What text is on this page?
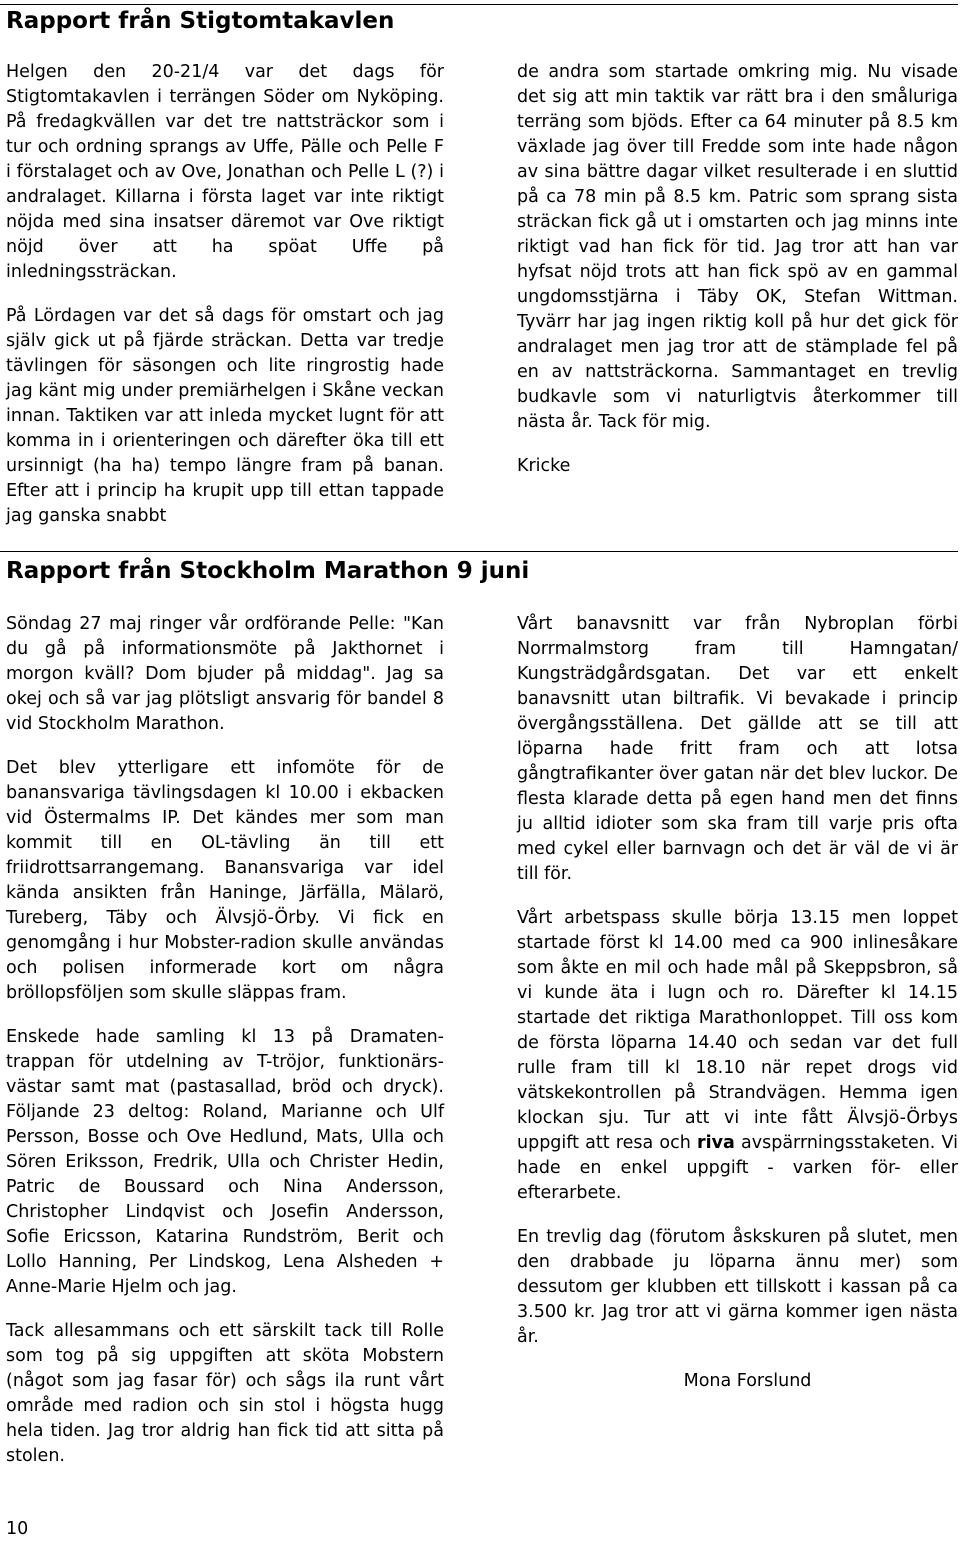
Rapport från Stigtomtakavlen

Helgen den 20-21/4 var det dags för Stigtomtakavlen i terrängen Söder om Nyköping. På fredagkvällen var det tre nattsträckor som i tur och ordning sprangs av Uffe, Pälle och Pelle F i förstalaget och av Ove, Jonathan och Pelle L (?) i andralaget. Killarna i första laget var inte riktigt nöjda med sina insatser däremot var Ove riktigt nöjd över att ha spöat Uffe på inledningssträckan.

På Lördagen var det så dags för omstart och jag själv gick ut på fjärde sträckan. Detta var tredje tävlingen för säsongen och lite ringrostig hade jag känt mig under premiärhelgen i Skåne veckan innan. Taktiken var att inleda mycket lugnt för att komma in i orienteringen och därefter öka till ett ursinnigt (ha ha) tempo längre fram på banan. Efter att i princip ha krupit upp till ettan tappade jag ganska snabbt

de andra som startade omkring mig. Nu visade det sig att min taktik var rätt bra i den småluriga terräng som bjöds. Efter ca 64 minuter på 8.5 km växlade jag över till Fredde som inte hade någon av sina bättre dagar vilket resulterade i en sluttid på ca 78 min på 8.5 km. Patric som sprang sista sträckan fick gå ut i omstarten och jag minns inte riktigt vad han fick för tid. Jag tror att han var hyfsat nöjd trots att han fick spö av en gammal ungdomsstjärna i Täby OK, Stefan Wittman. Tyvärr har jag ingen riktig koll på hur det gick för andralaget men jag tror att de stämplade fel på en av nattsträckorna. Sammantaget en trevlig budkavle som vi naturligtvis återkommer till nästa år. Tack för mig.

Kricke

Rapport från Stockholm Marathon 9 juni

Söndag 27 maj ringer vår ordförande Pelle: "Kan du gå på informationsmöte på Jakthornet i morgon kväll? Dom bjuder på middag". Jag sa okej och så var jag plötsligt ansvarig för bandel 8 vid Stockholm Marathon.

Det blev ytterligare ett infomöte för de banansvariga tävlingsdagen kl 10.00 i ekbacken vid Östermalms IP. Det kändes mer som man kommit till en OL-tävling än till ett friidrottsarrangemang. Banansvariga var idel kända ansikten från Haninge, Järfälla, Mälarö, Tureberg, Täby och Älvsjö-Örby. Vi fick en genomgång i hur Mobster-radion skulle användas och polisen informerade kort om några bröllopsföljen som skulle släppas fram.

Enskede hade samling kl 13 på Dramaten-trappan för utdelning av T-tröjor, funktionärs-västar samt mat (pastasallad, bröd och dryck). Följande 23 deltog: Roland, Marianne och Ulf Persson, Bosse och Ove Hedlund, Mats, Ulla och Sören Eriksson, Fredrik, Ulla och Christer Hedin, Patric de Boussard och Nina Andersson, Christopher Lindqvist och Josefin Andersson, Sofie Ericsson, Katarina Rundström, Berit och Lollo Hanning, Per Lindskog, Lena Alsheden + Anne-Marie Hjelm och jag.

Tack allesammans och ett särskilt tack till Rolle som tog på sig uppgiften att sköta Mobstern (något som jag fasar för) och sågs ila runt vårt område med radion och sin stol i högsta hugg hela tiden. Jag tror aldrig han fick tid att sitta på stolen.

Vårt banavsnitt var från Nybroplan förbi Norrmalmstorg fram till Hamngatan/ Kungsträdgårdsgatan. Det var ett enkelt banavsnitt utan biltrafik. Vi bevakade i princip övergångsställena. Det gällde att se till att löparna hade fritt fram och att lotsa gångtrafikanter över gatan när det blev luckor. De flesta klarade detta på egen hand men det finns ju alltid idioter som ska fram till varje pris ofta med cykel eller barnvagn och det är väl de vi är till för.

Vårt arbetspass skulle börja 13.15 men loppet startade först kl 14.00 med ca 900 inlinesåkare som åkte en mil och hade mål på Skeppsbron, så vi kunde äta i lugn och ro. Därefter kl 14.15 startade det riktiga Marathonloppet. Till oss kom de första löparna 14.40 och sedan var det full rulle fram till kl 18.10 när repet drogs vid vätskekontrollen på Strandvägen. Hemma igen klockan sju. Tur att vi inte fått Älvsjö-Örbys uppgift att resa och riva avspärrningsstaketen. Vi hade en enkel uppgift - varken för- eller efterarbete.

En trevlig dag (förutom åskskuren på slutet, men den drabbade ju löparna ännu mer) som dessutom ger klubben ett tillskott i kassan på ca 3.500 kr. Jag tror att vi gärna kommer igen nästa år.

Mona Forslund

10
